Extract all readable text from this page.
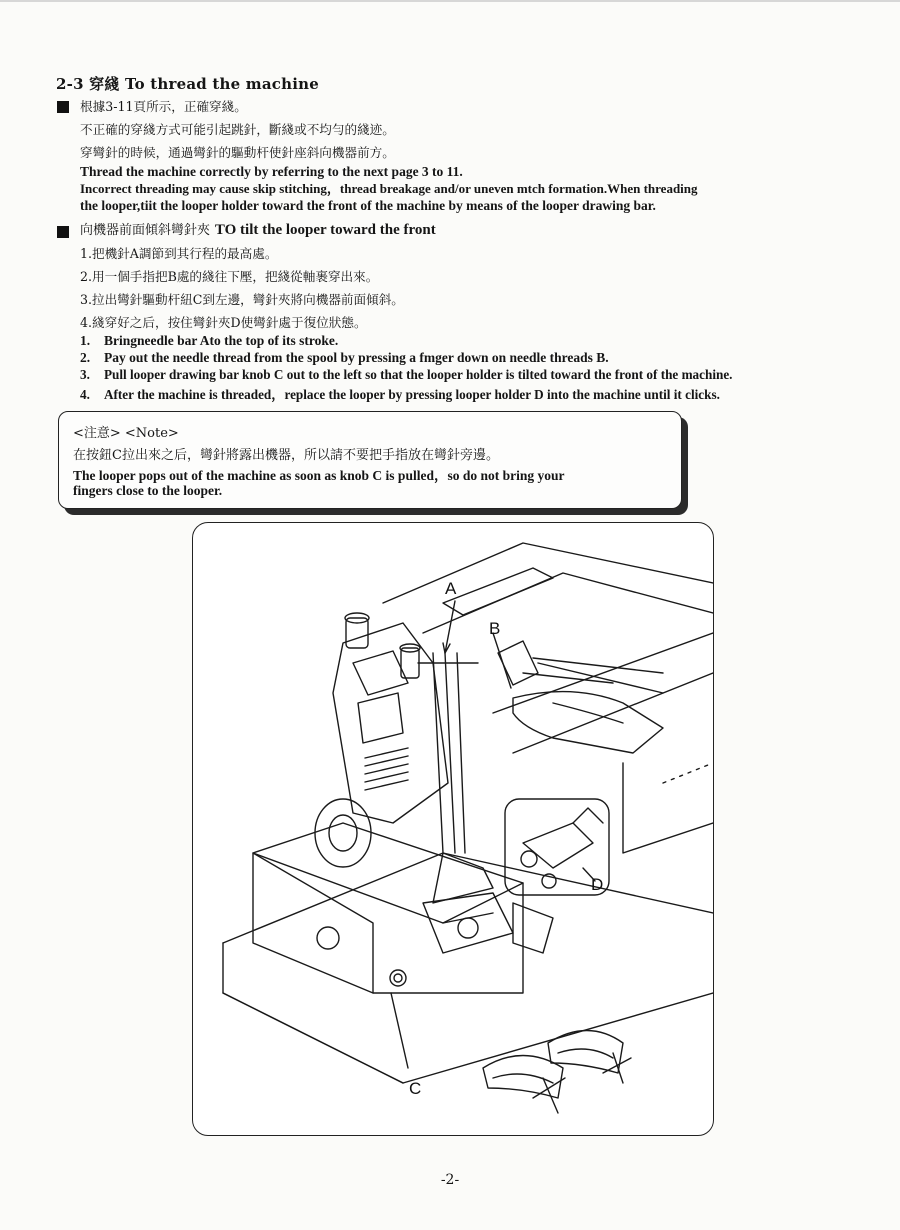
2-3 穿綫 To thread the machine
根據3-11頁所示，正確穿綫。
不正確的穿綫方式可能引起跳針，斷綫或不均勻的綫迹。
穿彎針的時候，通過彎針的驅動杆使針座斜向機器前方。
Thread the machine correctly by referring to the next page 3 to 11.
Incorrect threading may cause skip stitching，thread breakage and/or uneven mtch formation.When threading
the looper,tiit the looper holder toward the front of the machine by means of the looper drawing bar.
向機器前面傾斜彎針夾 TO tilt the looper toward the front
1.把機針A調節到其行程的最高處。
2.用一個手指把B處的綫往下壓，把綫從軸裹穿出來。
3.拉出彎針驅動杆紐C到左邊，彎針夾將向機器前面傾斜。
4.綫穿好之后，按住彎針夾D使彎針處于復位狀態。
1. Bringneedle bar Ato the top of its stroke.
2. Pay out the needle thread from the spool by pressing a fmger down on needle threads B.
3. Pull looper drawing bar knob C out to the left so that the looper holder is tilted toward the front of the machine.
4. After the machine is threaded，replace the looper by pressing looper holder D into the machine until it clicks.
<注意> <Note>
在按鈕C拉出來之后，彎針將露出機器，所以請不要把手指放在彎針旁邊。
The looper pops out of the machine as soon as knob C is pulled，so do not bring your
fingers close to the looper.
A
B
D
C
-2-
